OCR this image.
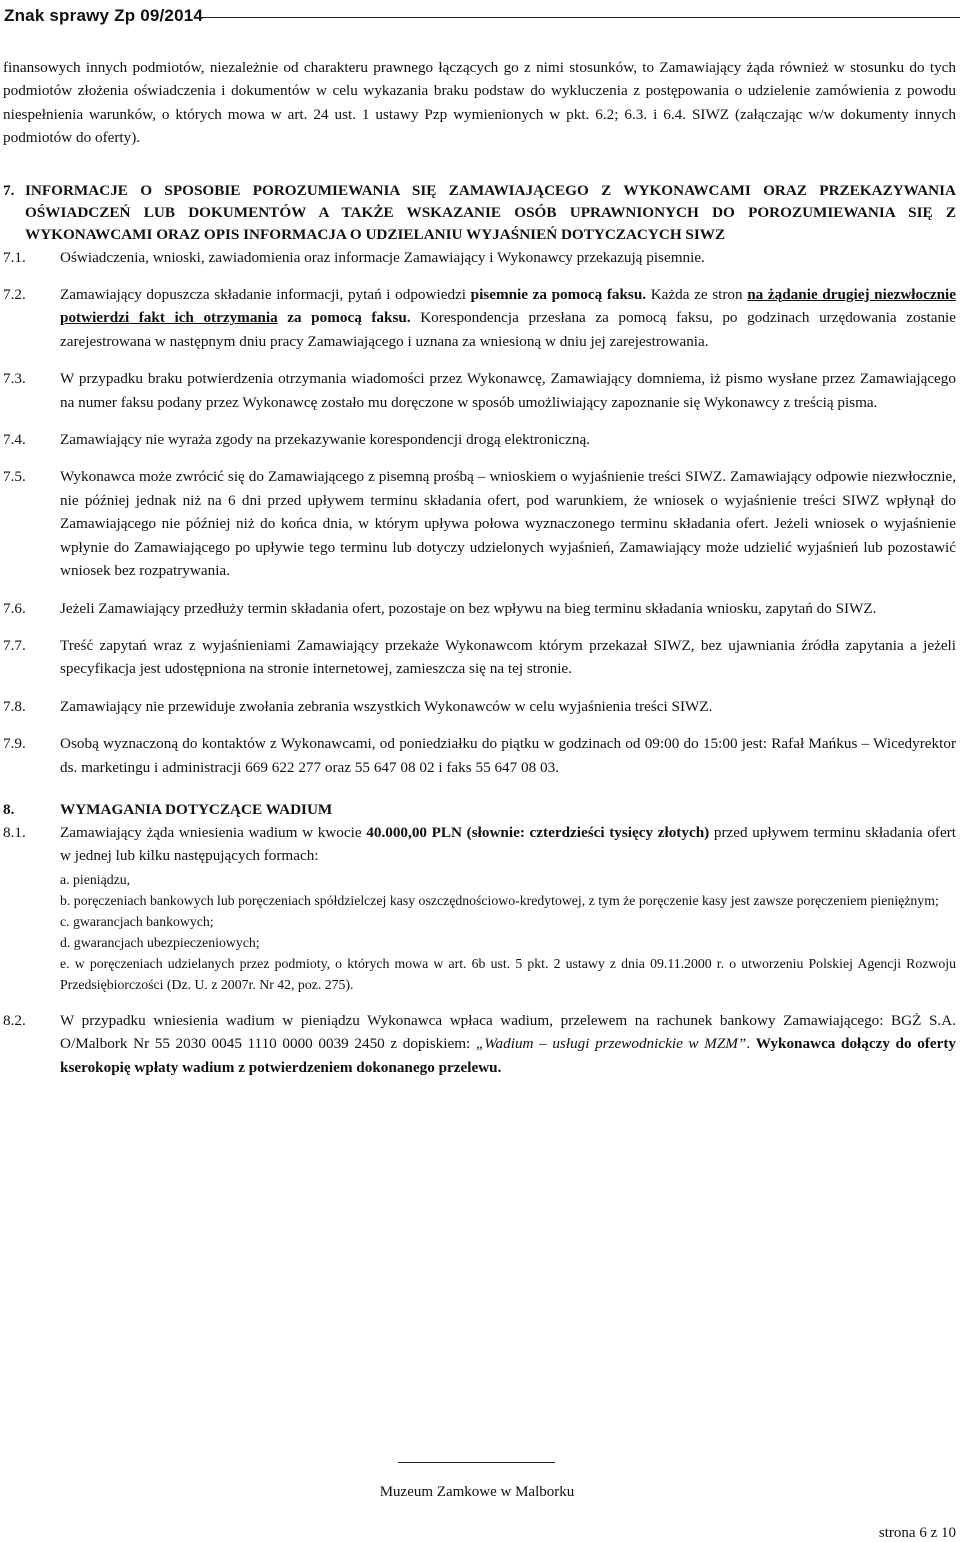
Znak sprawy Zp 09/2014

finansowych innych podmiotów, niezależnie od charakteru prawnego łączących go z nimi stosunków, to Zamawiający żąda również w stosunku do tych podmiotów złożenia oświadczenia i dokumentów w celu wykazania braku podstaw do wykluczenia z postępowania o udzielenie zamówienia z powodu niespełnienia warunków, o których mowa w art. 24 ust. 1 ustawy Pzp wymienionych w pkt. 6.2; 6.3. i 6.4. SIWZ (załączając w/w dokumenty innych podmiotów do oferty).

7. INFORMACJE O SPOSOBIE POROZUMIEWANIA SIĘ ZAMAWIAJĄCEGO Z WYKONAWCAMI ORAZ PRZEKAZYWANIA OŚWIADCZEŃ LUB DOKUMENTÓW A TAKŻE WSKAZANIE OSÓB UPRAWNIONYCH DO POROZUMIEWANIA SIĘ Z WYKONAWCAMI ORAZ OPIS INFORMACJA O UDZIELANIU WYJAŚNIEŃ DOTYCZACYCH SIWZ
7.1.	Oświadczenia, wnioski, zawiadomienia oraz informacje Zamawiający i Wykonawcy przekazują pisemnie.
7.2.	Zamawiający dopuszcza składanie informacji, pytań i odpowiedzi pisemnie za pomocą faksu. Każda ze stron na żądanie drugiej niezwłocznie potwierdzi fakt ich otrzymania za pomocą faksu. Korespondencja przesłana za pomocą faksu, po godzinach urzędowania zostanie zarejestrowana w następnym dniu pracy Zamawiającego i uznana za wniesioną w dniu jej zarejestrowania.
7.3.	W przypadku braku potwierdzenia otrzymania wiadomości przez Wykonawcę, Zamawiający domniema, iż pismo wysłane przez Zamawiającego na numer faksu podany przez Wykonawcę zostało mu doręczone w sposób umożliwiający zapoznanie się Wykonawcy z treścią pisma.
7.4.	Zamawiający nie wyraża zgody na przekazywanie korespondencji drogą elektroniczną.
7.5.	Wykonawca może zwrócić się do Zamawiającego z pisemną prośbą – wnioskiem o wyjaśnienie treści SIWZ. Zamawiający odpowie niezwłocznie, nie później jednak niż na 6 dni przed upływem terminu składania ofert, pod warunkiem, że wniosek o wyjaśnienie treści SIWZ wpłynął do Zamawiającego nie później niż do końca dnia, w którym upływa połowa wyznaczonego terminu składania ofert. Jeżeli wniosek o wyjaśnienie wpłynie do Zamawiającego po upływie tego terminu lub dotyczy udzielonych wyjaśnień, Zamawiający może udzielić wyjaśnień lub pozostawić wniosek bez rozpatrywania.
7.6.	Jeżeli Zamawiający przedłuży termin składania ofert, pozostaje on bez wpływu na bieg terminu składania wniosku, zapytań do SIWZ.
7.7.	Treść zapytań wraz z wyjaśnieniami Zamawiający przekaże Wykonawcom którym przekazał SIWZ, bez ujawniania źródła zapytania a jeżeli specyfikacja jest udostępniona na stronie internetowej, zamieszcza się na tej stronie.
7.8.	Zamawiający nie przewiduje zwołania zebrania wszystkich Wykonawców w celu wyjaśnienia treści SIWZ.
7.9.	Osobą wyznaczoną do kontaktów z Wykonawcami, od poniedziałku do piątku w godzinach od 09:00 do 15:00 jest: Rafał Mańkus – Wicedyrektor ds. marketingu i administracji 669 622 277 oraz 55 647 08 02 i faks 55 647 08 03.
8.	WYMAGANIA DOTYCZĄCE WADIUM
8.1.	Zamawiający żąda wniesienia wadium w kwocie 40.000,00 PLN (słownie: czterdzieści tysięcy złotych) przed upływem terminu składania ofert w jednej lub kilku następujących formach:
a. pieniądzu,
b. poręczeniach bankowych lub poręczeniach spółdzielczej kasy oszczędnościowo-kredytowej, z tym że poręczenie kasy jest zawsze poręczeniem pieniężnym;
c. gwarancjach bankowych;
d. gwarancjach ubezpieczeniowych;
e. w poręczeniach udzielanych przez podmioty, o których mowa w art. 6b ust. 5 pkt. 2 ustawy z dnia 09.11.2000 r. o utworzeniu Polskiej Agencji Rozwoju Przedsiębiorczości (Dz. U. z 2007r. Nr 42, poz. 275).
8.2.	W przypadku wniesienia wadium w pieniądzu Wykonawca wpłaca wadium, przelewem na rachunek bankowy Zamawiającego: BGŻ S.A. O/Malbork Nr 55 2030 0045 1110 0000 0039 2450 z dopiskiem: „Wadium – usługi przewodnickie w MZM”. Wykonawca dołączy do oferty kserokopię wpłaty wadium z potwierdzeniem dokonanego przelewu.
Muzeum Zamkowe w Malborku
strona 6 z 10
